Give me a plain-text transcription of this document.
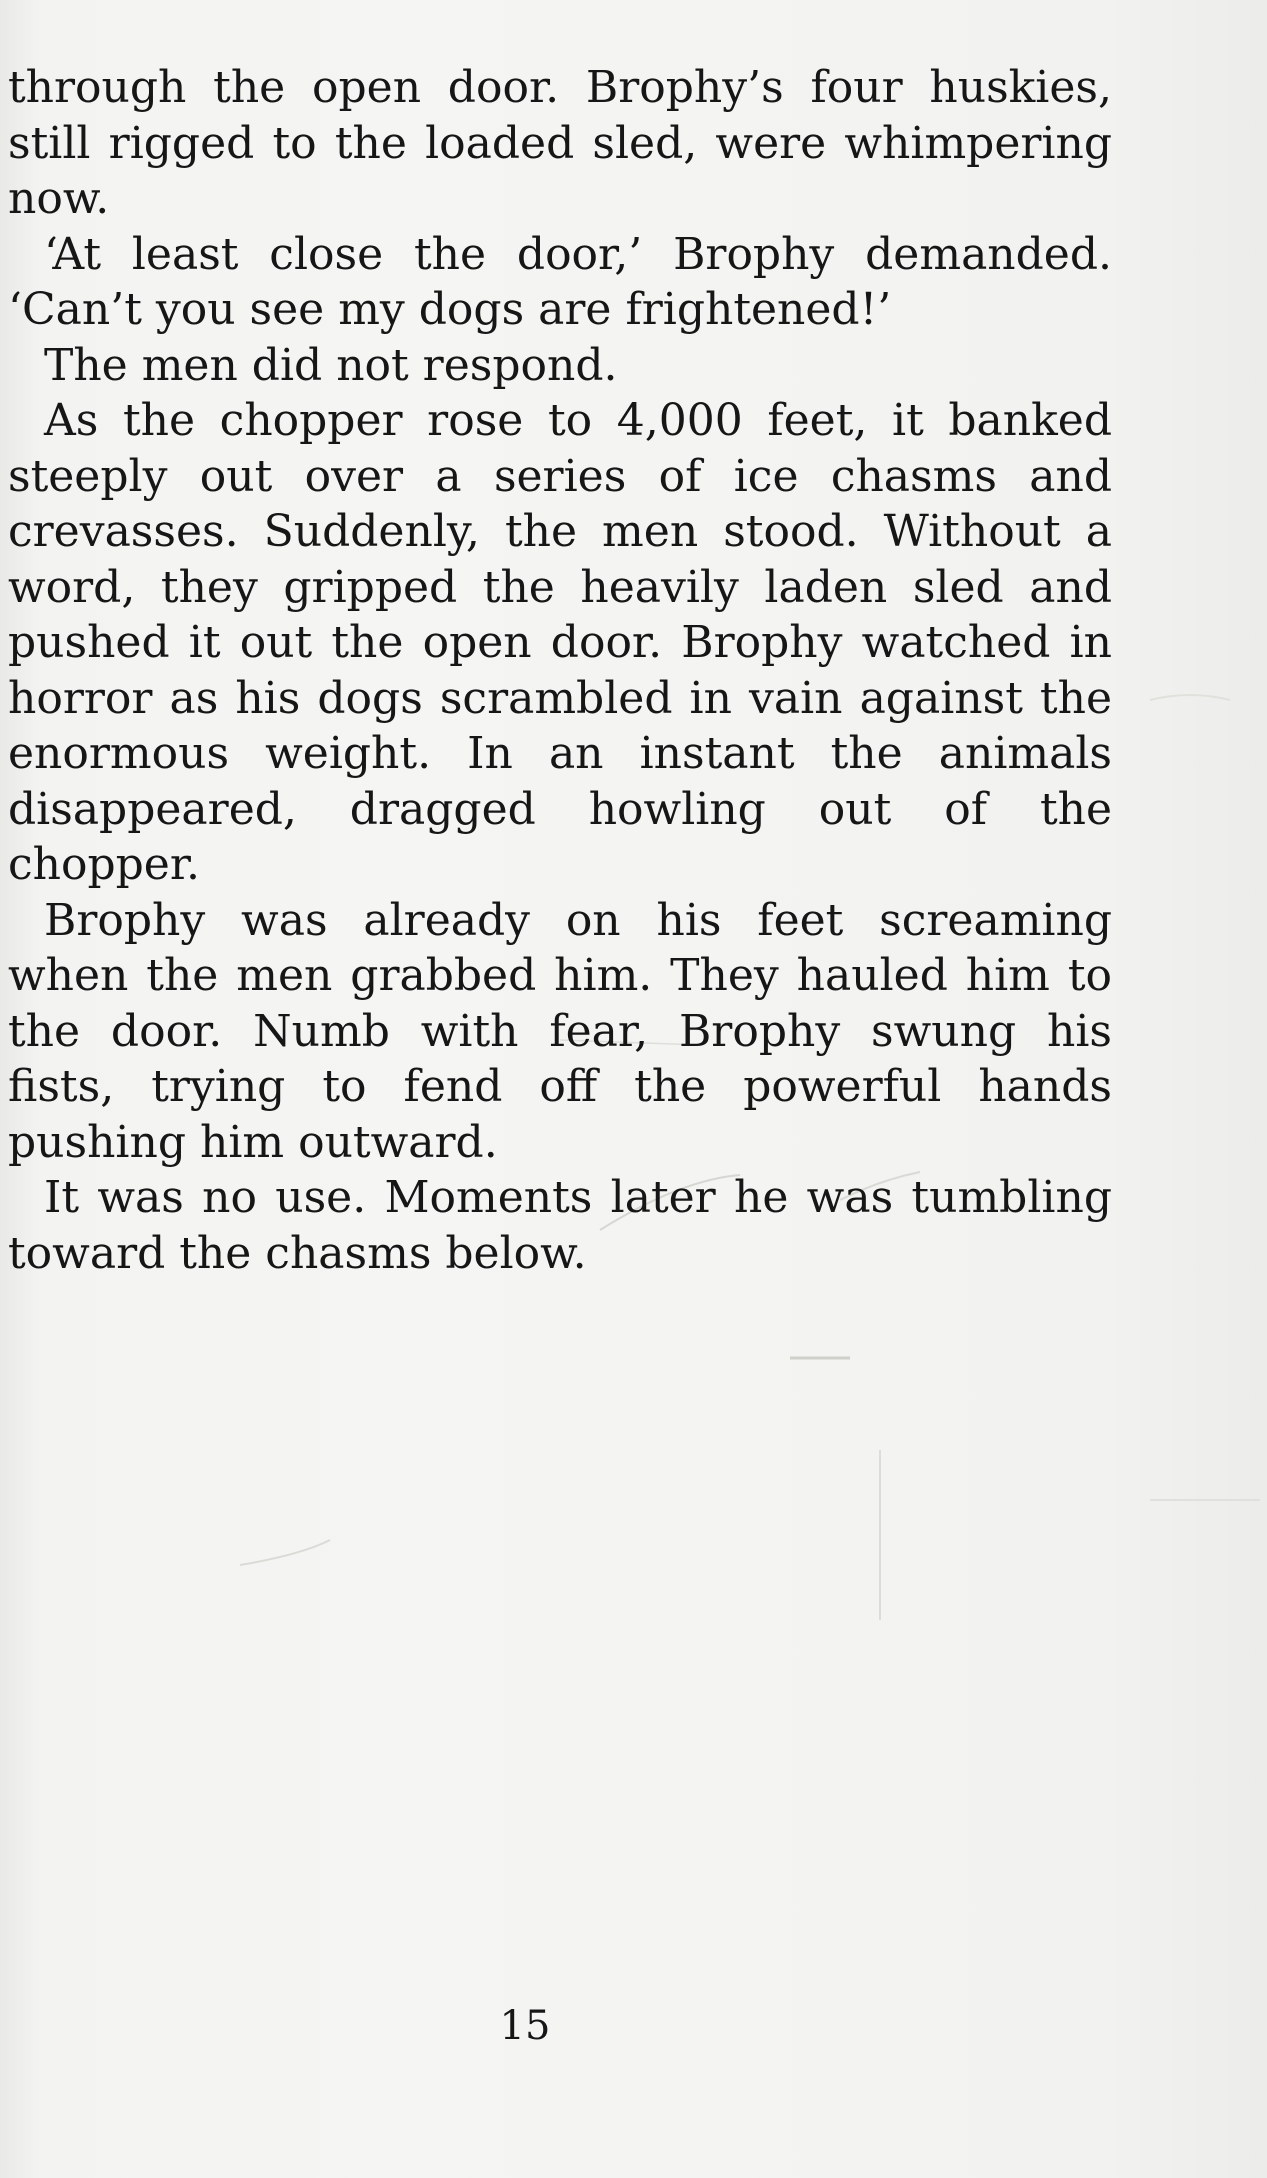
through the open door. Brophy’s four huskies, still rigged to the loaded sled, were whimpering now.

‘At least close the door,’ Brophy demanded. ‘Can’t you see my dogs are frightened!’

The men did not respond.

As the chopper rose to 4,000 feet, it banked steeply out over a series of ice chasms and crevasses. Suddenly, the men stood. Without a word, they gripped the heavily laden sled and pushed it out the open door. Brophy watched in horror as his dogs scrambled in vain against the enormous weight. In an instant the animals disappeared, dragged howling out of the chopper.

Brophy was already on his feet screaming when the men grabbed him. They hauled him to the door. Numb with fear, Brophy swung his fists, trying to fend off the powerful hands pushing him outward.

It was no use. Moments later he was tumbling toward the chasms below.

15
